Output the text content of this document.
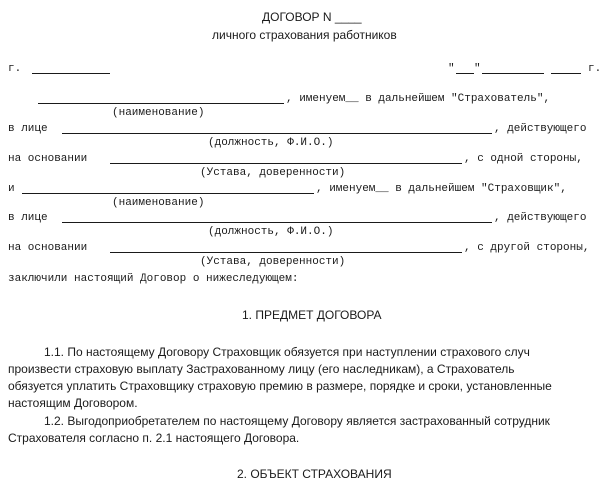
ДОГОВОР N ____
личного страхования работников
г.	" "	г.
, именуем__ в дальнейшем "Страхователь",
(наименование)
в лице	, действующего
(должность, Ф.И.О.)
на основании	, с одной стороны,
(Устава, доверенности)
и	, именуем__ в дальнейшем "Страховщик",
(наименование)
в лице	, действующего
(должность, Ф.И.О.)
на основании	, с другой стороны,
(Устава, доверенности)
заключили настоящий Договор о нижеследующем:
1. ПРЕДМЕТ ДОГОВОРА
1.1. По настоящему Договору Страховщик обязуется при наступлении страхового случ
произвести страховую выплату Застрахованному лицу (его наследникам), а Страхователь
обязуется уплатить Страховщику страховую премию в размере, порядке и сроки, установленные
настоящим Договором.
1.2. Выгодоприобретателем по настоящему Договору является застрахованный сотрудник
Страхователя согласно п. 2.1 настоящего Договора.
2. ОБЪЕКТ СТРАХОВАНИЯ
